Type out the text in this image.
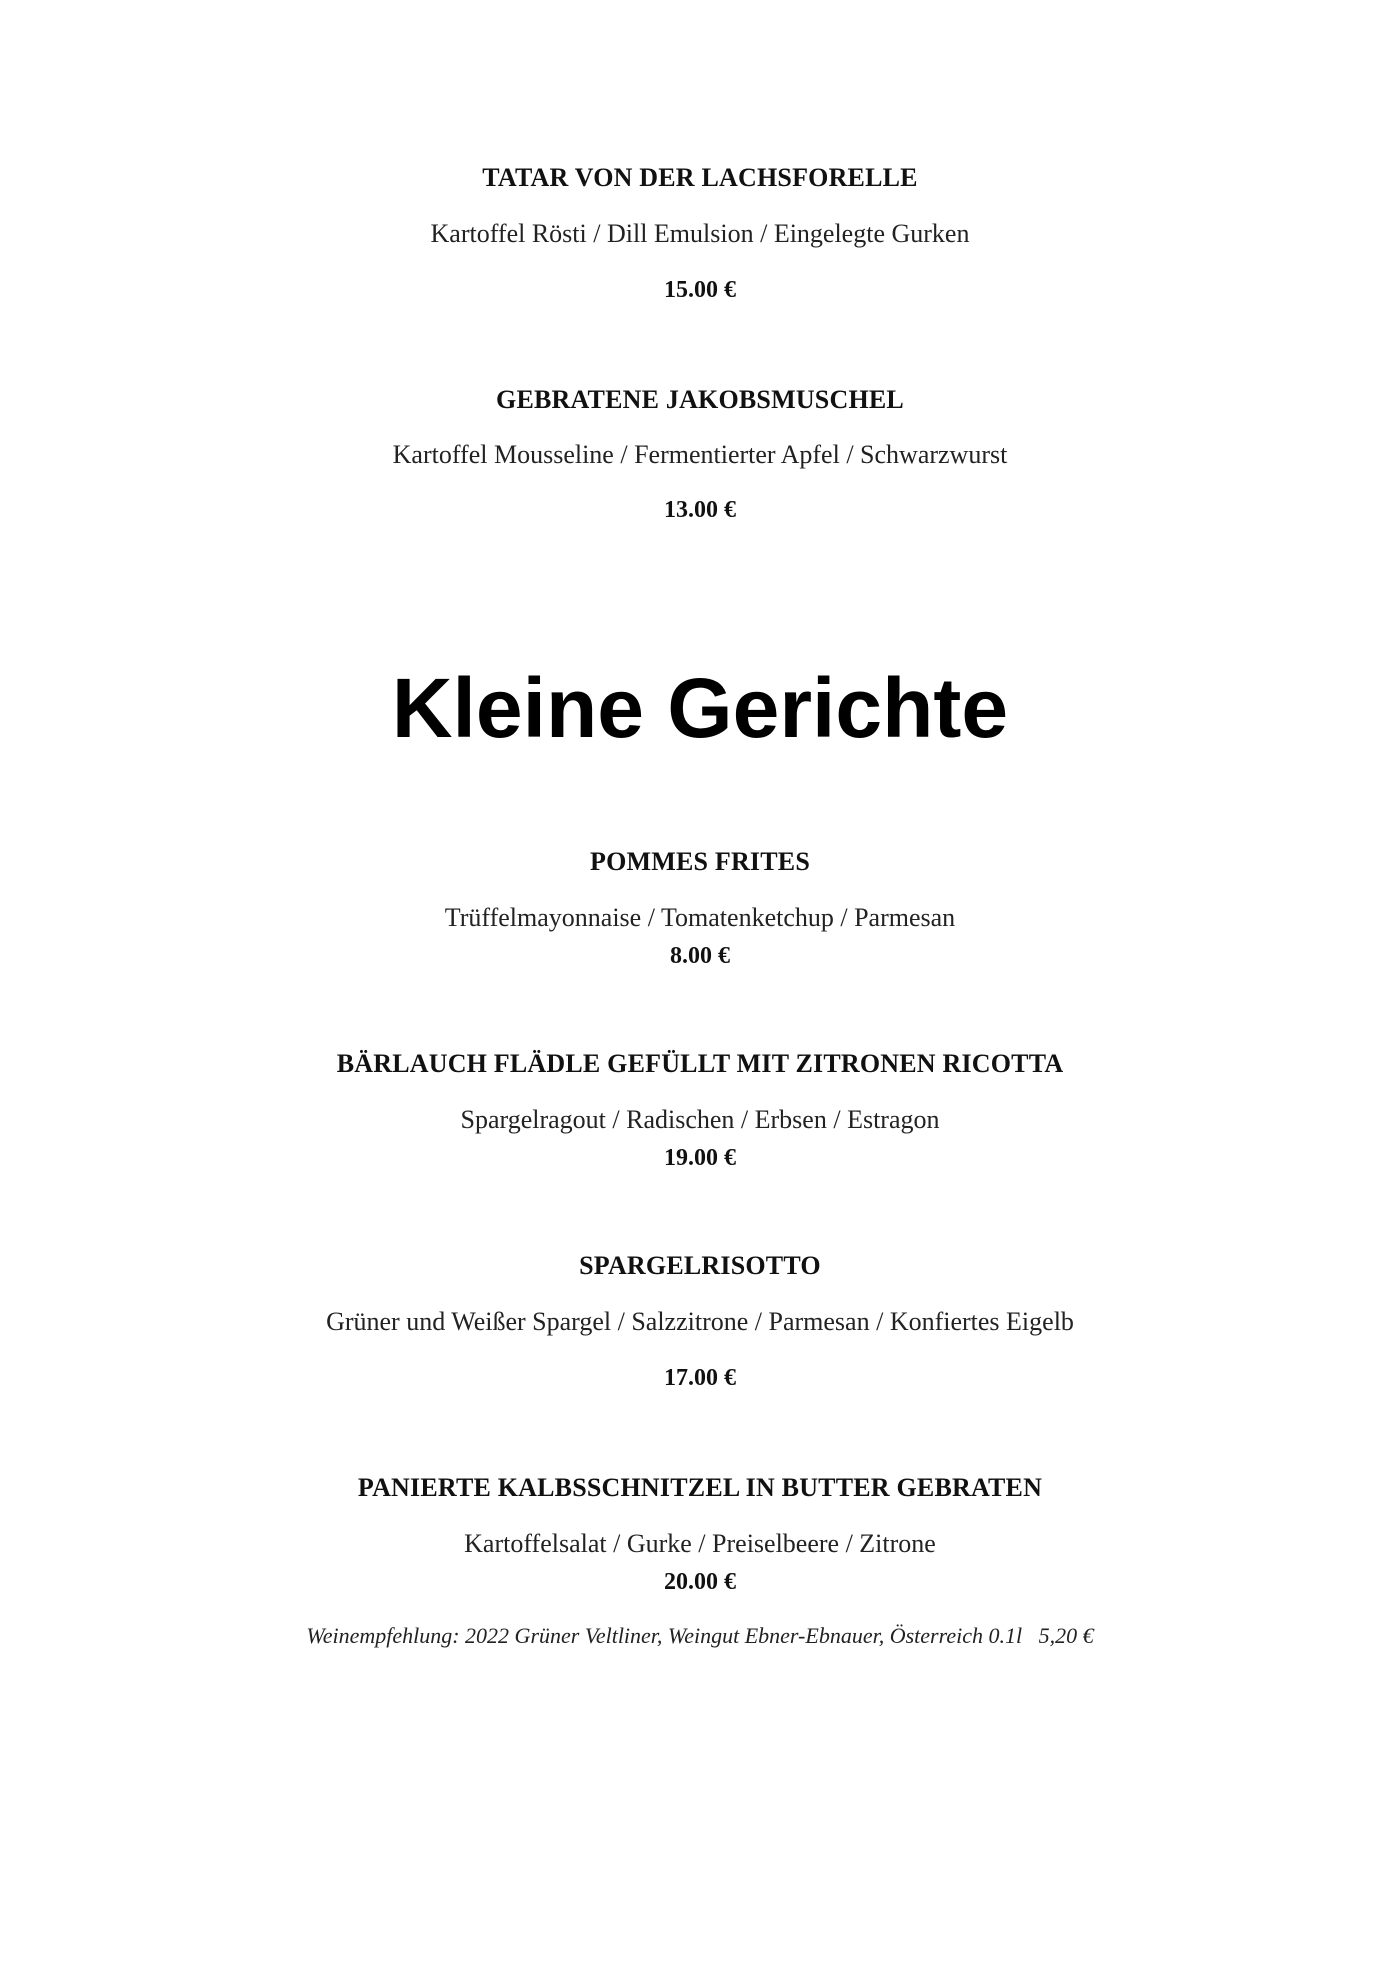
TATAR VON DER LACHSFORELLE
Kartoffel Rösti / Dill Emulsion / Eingelegte Gurken
15.00 €
GEBRATENE JAKOBSMUSCHEL
Kartoffel Mousseline / Fermentierter Apfel / Schwarzwurst
13.00 €
Kleine Gerichte
POMMES FRITES
Trüffelmayonnaise / Tomatenketchup / Parmesan
8.00 €
BÄRLAUCH FLÄDLE GEFÜLLT MIT ZITRONEN RICOTTA
Spargelragout / Radischen / Erbsen / Estragon
19.00 €
SPARGELRISOTTO
Grüner und Weißer Spargel / Salzzitrone / Parmesan / Konfiertes Eigelb
17.00 €
PANIERTE KALBSSCHNITZEL IN BUTTER GEBRATEN
Kartoffelsalat / Gurke / Preiselbeere / Zitrone
20.00 €
Weinempfehlung: 2022 Grüner Veltliner, Weingut Ebner-Ebnauer, Österreich 0.1l   5,20 €
